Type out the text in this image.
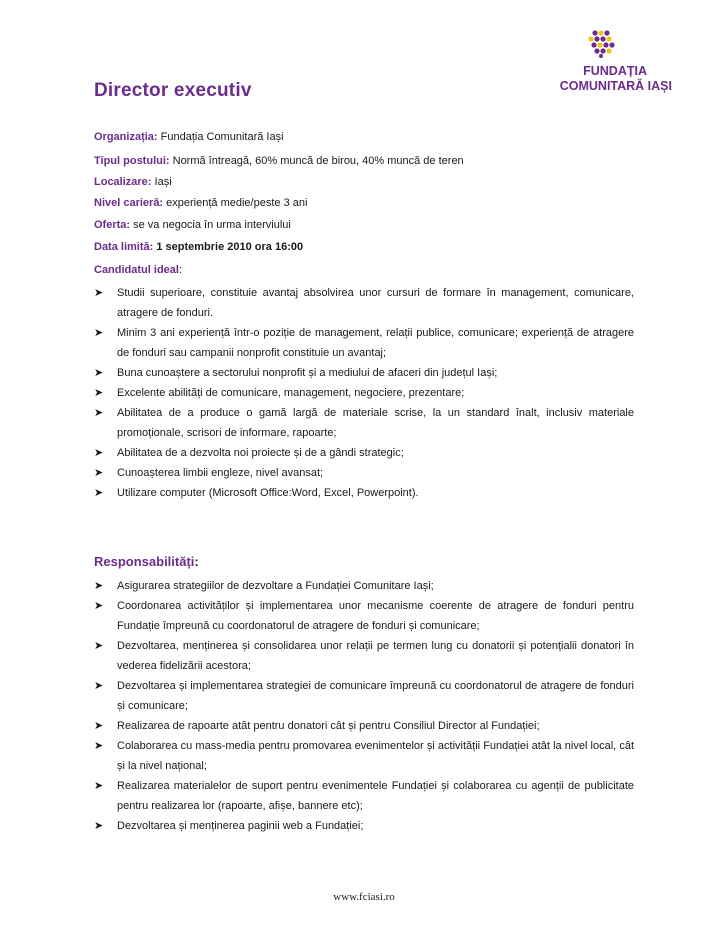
FUNDAȚIA
COMUNITARĂ IAȘI
Director executiv
Organizația: Fundația Comunitară Iași
Tipul postului: Normă întreagă, 60% muncă de birou, 40% muncă de teren
Localizare: Iași
Nivel carieră: experiență medie/peste 3 ani
Oferta: se va negocia în urma interviului
Data limită: 1 septembrie 2010 ora 16:00
Candidatul ideal:
➤ Studii superioare, constituie avantaj absolvirea unor cursuri de formare în management, comunicare, atragere de fonduri.
➤ Minim 3 ani experiență într-o poziție de management, relații publice, comunicare; experiență de atragere de fonduri sau campanii nonprofit constituie un avantaj;
➤ Buna cunoaștere a sectorului nonprofit și a mediului de afaceri din județul Iași;
➤ Excelente abilități de comunicare, management, negociere, prezentare;
➤ Abilitatea de a produce o gamă largă de materiale scrise, la un standard înalt, inclusiv materiale promoționale, scrisori de informare, rapoarte;
➤ Abilitatea de a dezvolta noi proiecte și de a gândi strategic;
➤ Cunoașterea limbii engleze, nivel avansat;
➤ Utilizare computer (Microsoft Office:Word, Excel, Powerpoint).
Responsabilități:
➤ Asigurarea strategiilor de dezvoltare a Fundației Comunitare Iași;
➤ Coordonarea activităților și implementarea unor mecanisme coerente de atragere de fonduri pentru Fundație împreună cu coordonatorul de atragere de fonduri și comunicare;
➤ Dezvoltarea, menținerea și consolidarea unor relații pe termen lung cu donatorii și potențialii donatori în vederea fidelizării acestora;
➤ Dezvoltarea și implementarea strategiei de comunicare împreună cu coordonatorul de atragere de fonduri și comunicare;
➤ Realizarea de rapoarte atât pentru donatori cât și pentru Consiliul Director al Fundației;
➤ Colaborarea cu mass-media pentru promovarea evenimentelor și activității Fundației atât la nivel local, cât și la nivel național;
➤ Realizarea materialelor de suport pentru evenimentele Fundației și colaborarea cu agenții de publicitate pentru realizarea lor (rapoarte, afișe, bannere etc);
➤ Dezvoltarea și menținerea paginii web a Fundației;
www.fciasi.ro
